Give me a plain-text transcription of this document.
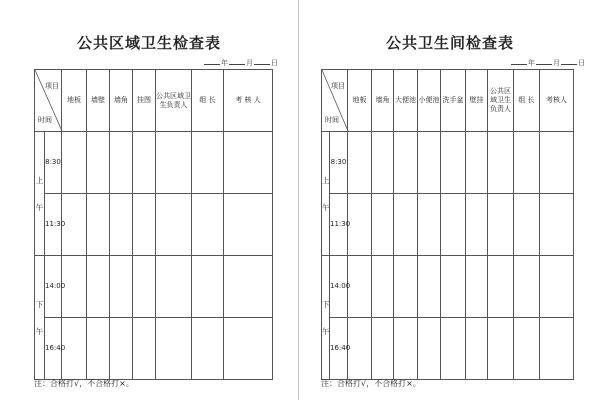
公共区域卫生检查表
年	月	日
项目
时间		地板	墙壁	墙角	挂图	公共区域卫生负责人	组 长	考 核 人

上
午	8:30							
	11:30							

下
午	14:00							
	16:40							
注：合格打√，不合格打×。
公共卫生间检查表
年	月	日
项目
时间		地板	墙角	大便池	小便池	洗手盆	壁挂	公共区域卫生负责人	组 长	考核人

上
午	8:30									
	11:30									

下
午	14:00									
	16:40									
注：合格打√，不合格打×。
